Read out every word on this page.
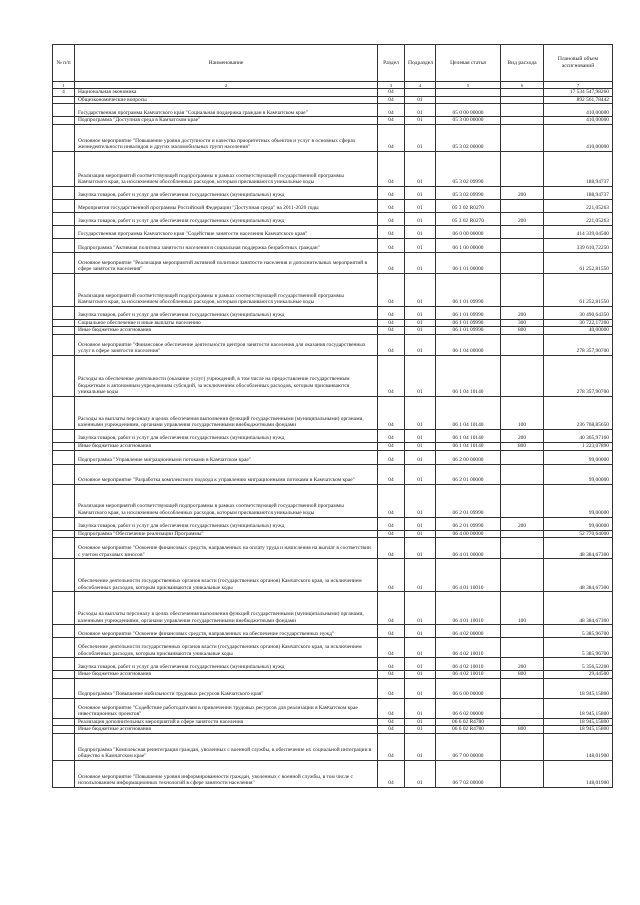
№ п/п	Наименование	Раздел	Подраздел	Целевая статья	Вид расхода	Плановый объем ассигнований
1	2	3	4	5	6	7
4	Национальная экономика	04				17 534 547,98260
	Общеэкономические вопросы	04	01			892 561,78442
	Государственная программа Камчатского края "Социальная поддержка граждан в Камчатском крае"	04	01	05 0 00 00000		410,00000
	Подпрограмма "Доступная среда в Камчатском крае"	04	01	05 3 00 00000		410,00000
	Основное мероприятие "Повышение уровня доступности и качества приоритетных объектов и услуг в основных сферах жизнедеятельности инвалидов и других маломобильных групп населения"	04	01	05 3 02 00000		410,00000
	Реализация мероприятий соответствующей подпрограммы в рамках соответствующей государственной программы Камчатского края, за исключением обособленных расходов, которым присваиваются уникальные коды	04	01	05 3 02 09990		188,94737
	Закупка товаров, работ и услуг для обеспечения государственных (муниципальных) нужд	04	01	05 3 02 09990	200	188,94737
	Мероприятия государственной программы Российской Федерации "Доступная среда" на 2011-2020 годы	04	01	05 3 02 R0270		221,05263
	Закупка товаров, работ и услуг для обеспечения государственных (муниципальных) нужд	04	01	05 3 02 R0270	200	221,05263
	Государственная программа Камчатского края "Содействие занятости населения Камчатского края"	04	01	06 0 00 00000		414 339,04500
	Подпрограмма "Активная политика занятости населения и социальная поддержка безработных граждан"	04	01	06 1 00 00000		339 610,72250
	Основное мероприятие "Реализация мероприятий активной политики занятости населения и дополнительных мероприятий в сфере занятости населения"	04	01	06 1 01 00000		61 252,81550
	Реализация мероприятий соответствующей подпрограммы в рамках соответствующей государственной программы Камчатского края, за исключением обособленных расходов, которым присваиваются уникальные коды	04	01	06 1 01 09990		61 252,81550
	Закупка товаров, работ и услуг для обеспечения государственных (муниципальных) нужд	04	01	06 1 01 09990	200	30 490,64350
	Социальное обеспечение и иные выплаты населению	04	01	06 1 01 09990	300	30 722,17200
	Иные бюджетные ассигнования	04	01	06 1 01 09990	800	40,00000
	Основное мероприятие "Финансовое обеспечение деятельности центров занятости населения для оказания государственных услуг в сфере занятости населения"	04	01	06 1 04 00000		278 357,90700
	Расходы на обеспечение деятельности (оказание услуг) учреждений, в том числе на предоставление государственным бюджетным и автономным учреждениям субсидий, за исключением обособленных расходов, которым присваиваются уникальные коды	04	01	06 1 04 10140		278 357,90700
	Расходы на выплаты персоналу в целях обеспечения выполнения функций государственными (муниципальными) органами, казенными учреждениями, органами управления государственными внебюджетными фондами	04	01	06 1 04 10140	100	236 768,85650
	Закупка товаров, работ и услуг для обеспечения государственных (муниципальных) нужд	04	01	06 1 04 10140	200	40 365,97160
	Иные бюджетные ассигнования	04	01	06 1 04 10140	800	1 223,07890
	Подпрограмма "Управление миграционными потоками в Камчатском крае"	04	01	06 2 00 00000		99,00000
	Основное мероприятие "Разработка комплексного подхода к управлению миграционными потоками в Камчатском крае"	04	01	06 2 01 00000		99,00000
	Реализация мероприятий соответствующей подпрограммы в рамках соответствующей государственной программы Камчатского края, за исключением обособленных расходов, которым присваиваются уникальные коды	04	01	06 2 01 09990		99,00000
	Закупка товаров, работ и услуг для обеспечения государственных (муниципальных) нужд	04	01	06 2 01 09990	200	99,00000
	Подпрограмма "Обеспечение реализации Программы"	04	01	06 4 00 00000		52 770,64000
	Основное мероприятие "Освоение финансовых средств, направленных на оплату труда и начисления на выплат в соответствии с учетом страховых взносов"	04	01	06 4 01 00000		48 384,67300
	Обеспечение деятельности государственных органов власти (государственных органов) Камчатского края, за исключением обособленных расходов, которым присваиваются уникальные коды	04	01	06 4 01 10010		48 384,67300
	Расходы на выплаты персоналу в целях обеспечения выполнения функций государственными (муниципальными) органами, казенными учреждениями, органами управления государственными внебюджетными фондами	04	01	06 4 01 10010	100	48 384,67300
	Основное мероприятие "Освоение финансовых средств, направленных на обеспечение государственных нужд"	04	01	06 4 02 00000		5 385,96700
	Обеспечение деятельности государственных органов власти (государственных органов) Камчатского края, за исключением обособленных расходов, которым присваиваются уникальные коды	04	01	06 4 02 10010		5 385,96700
	Закупка товаров, работ и услуг для обеспечения государственных (муниципальных) нужд	04	01	06 4 02 10010	200	5 356,52200
	Иные бюджетные ассигнования	04	01	06 4 02 10010	800	29,44500
	Подпрограмма "Повышение мобильности трудовых ресурсов Камчатского края"	04	01	06 6 00 00000		18 945,15800
	Основное мероприятие "Содействие работодателям в привлечении трудовых ресурсов для реализации в Камчатском крае инвестиционных проектов"	04	01	06 6 02 00000		18 945,15800
	Реализация дополнительных мероприятий в сфере занятости населения	04	01	06 6 02 R4780		18 945,15800
	Иные бюджетные ассигнования	04	01	06 6 02 R4780	800	18 945,15800
	Подпрограмма "Комплексная реинтеграция граждан, уволенных с военной службы, в обеспечение их социальной интеграции в общество в Камчатском крае"	04	01	06 7 00 00000		148,01900
	Основное мероприятие "Повышение уровня информированности граждан, уволенных с военной службы, в том числе с использованием информационных технологий в сфере занятости населения"	04	01	06 7 02 00000		148,01900
